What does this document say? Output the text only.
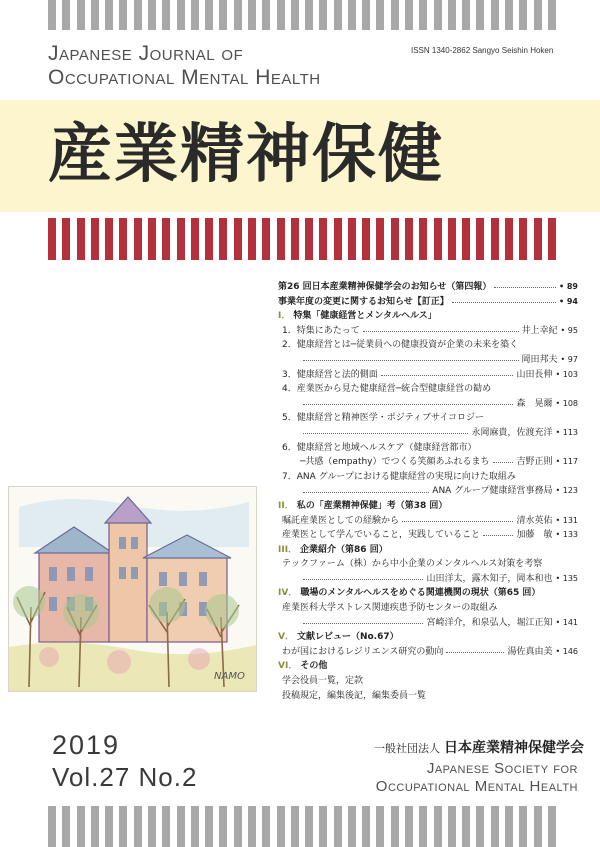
Japanese Journal of
Occupational Mental Health
ISSN 1340-2862 Sangyo Seishin Hoken
産業精神保健
第26 回日本産業精神保健学会のお知らせ（第四報）	• 89
事業年度の変更に関するお知らせ【訂正】	• 94
I． 特集「健康経営とメンタルヘルス」
1．特集にあたって	井上幸紀 • 95
2．健康経営とは─従業員への健康投資が企業の未来を築く
岡田邦夫 • 97
3．健康経営と法的側面	山田長伸 • 103
4．産業医から見た健康経営─統合型健康経営の勧め
森　晃爾 • 108
5．健康経営と精神医学・ポジティブサイコロジー
永岡麻貴，佐渡充洋 • 113
6．健康経営と地域ヘルスケア（健康経営都市）
─共感（empathy）でつくる笑顔あふれるまち	吉野正則 • 117
7．ANA グループにおける健康経営の実現に向けた取組み
ANA グループ健康経営事務局 • 123
II． 私の「産業精神保健」考（第38 回）
嘱託産業医としての経験から	清水英佑 • 131
産業医として学んでいること，実践していること	加藤　敏 • 133
III． 企業紹介（第86 回）
テックファーム（株）から中小企業のメンタルヘルス対策を考察
山田洋太，露木知子，岡本和也 • 135
IV． 職場のメンタルヘルスをめぐる関連機関の現状（第65 回）
産業医科大学ストレス関連疾患予防センターの取組み
宮崎洋介，和泉弘人，堀江正知 • 141
V． 文献レビュー（No.67）
わが国におけるレジリエンス研究の動向	湯佐真由美 • 146
VI． その他
学会役員一覧，定款
投稿規定，編集後記，編集委員一覧
NAMO
2019
Vol.27 No.2
一般社団法人 日本産業精神保健学会
Japanese Society for
Occupational Mental Health
